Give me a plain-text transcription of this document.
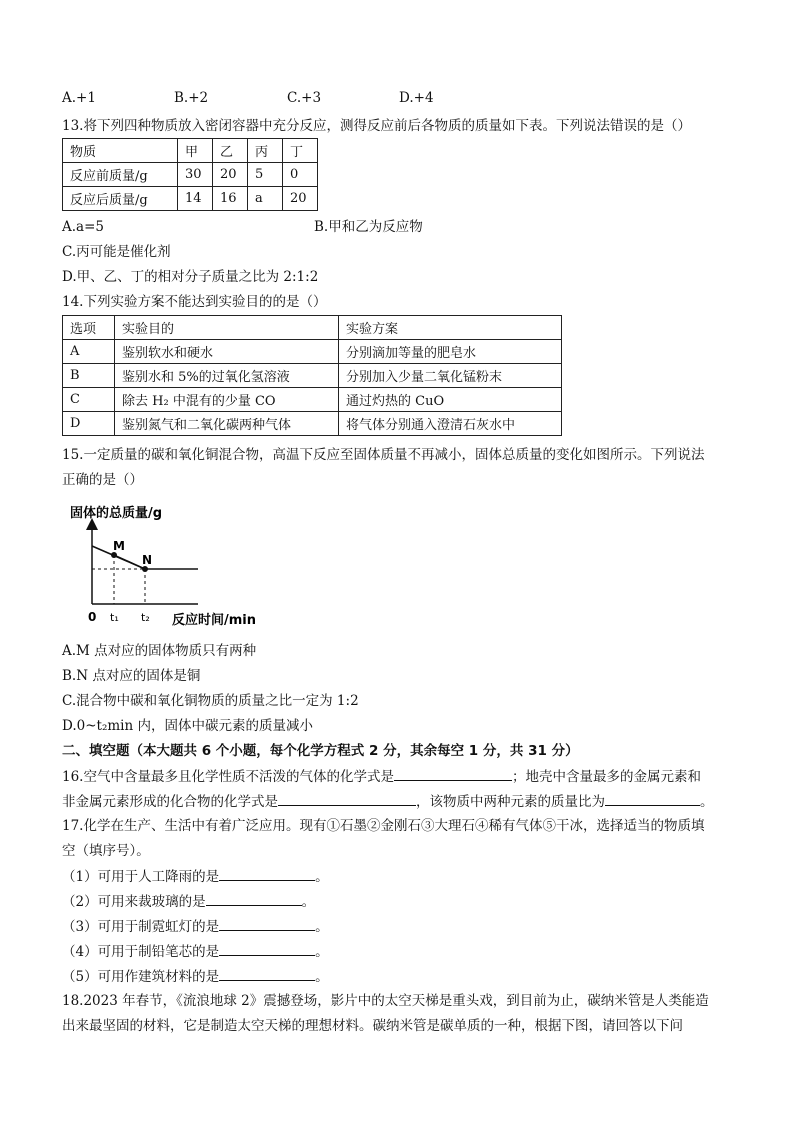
A.+1	B.+2	C.+3	D.+4
13.将下列四种物质放入密闭容器中充分反应，测得反应前后各物质的质量如下表。下列说法错误的是（）
物质	甲	乙	丙	丁
反应前质量/g	30	20	5	0
反应后质量/g	14	16	a	20
A.a=5	B.甲和乙为反应物
C.丙可能是催化剂
D.甲、乙、丁的相对分子质量之比为 2:1:2
14.下列实验方案不能达到实验目的的是（）
选项	实验目的	实验方案
A	鉴别软水和硬水	分别滴加等量的肥皂水
B	鉴别水和 5%的过氧化氢溶液	分别加入少量二氧化锰粉末
C	除去 H₂ 中混有的少量 CO	通过灼热的 CuO
D	鉴别氮气和二氧化碳两种气体	将气体分别通入澄清石灰水中
15.一定质量的碳和氧化铜混合物，高温下反应至固体质量不再减小，固体总质量的变化如图所示。下列说法
正确的是（）
固体的总质量/g
M
N
0 t₁ t₂ 反应时间/min
A.M 点对应的固体物质只有两种
B.N 点对应的固体是铜
C.混合物中碳和氧化铜物质的质量之比一定为 1:2
D.0~t₂min 内，固体中碳元素的质量减小
二、填空题（本大题共 6 个小题，每个化学方程式 2 分，其余每空 1 分，共 31 分）
16.空气中含量最多且化学性质不活泼的气体的化学式是	；地壳中含量最多的金属元素和
非金属元素形成的化合物的化学式是	，该物质中两种元素的质量比为	。
17.化学在生产、生活中有着广泛应用。现有①石墨②金刚石③大理石④稀有气体⑤干冰，选择适当的物质填
空（填序号）。
（1）可用于人工降雨的是	。
（2）可用来裁玻璃的是	。
（3）可用于制霓虹灯的是	。
（4）可用于制铅笔芯的是	。
（5）可用作建筑材料的是	。
18.2023 年春节，《流浪地球 2》震撼登场，影片中的太空天梯是重头戏，到目前为止，碳纳米管是人类能造
出来最坚固的材料，它是制造太空天梯的理想材料。碳纳米管是碳单质的一种，根据下图，请回答以下问
